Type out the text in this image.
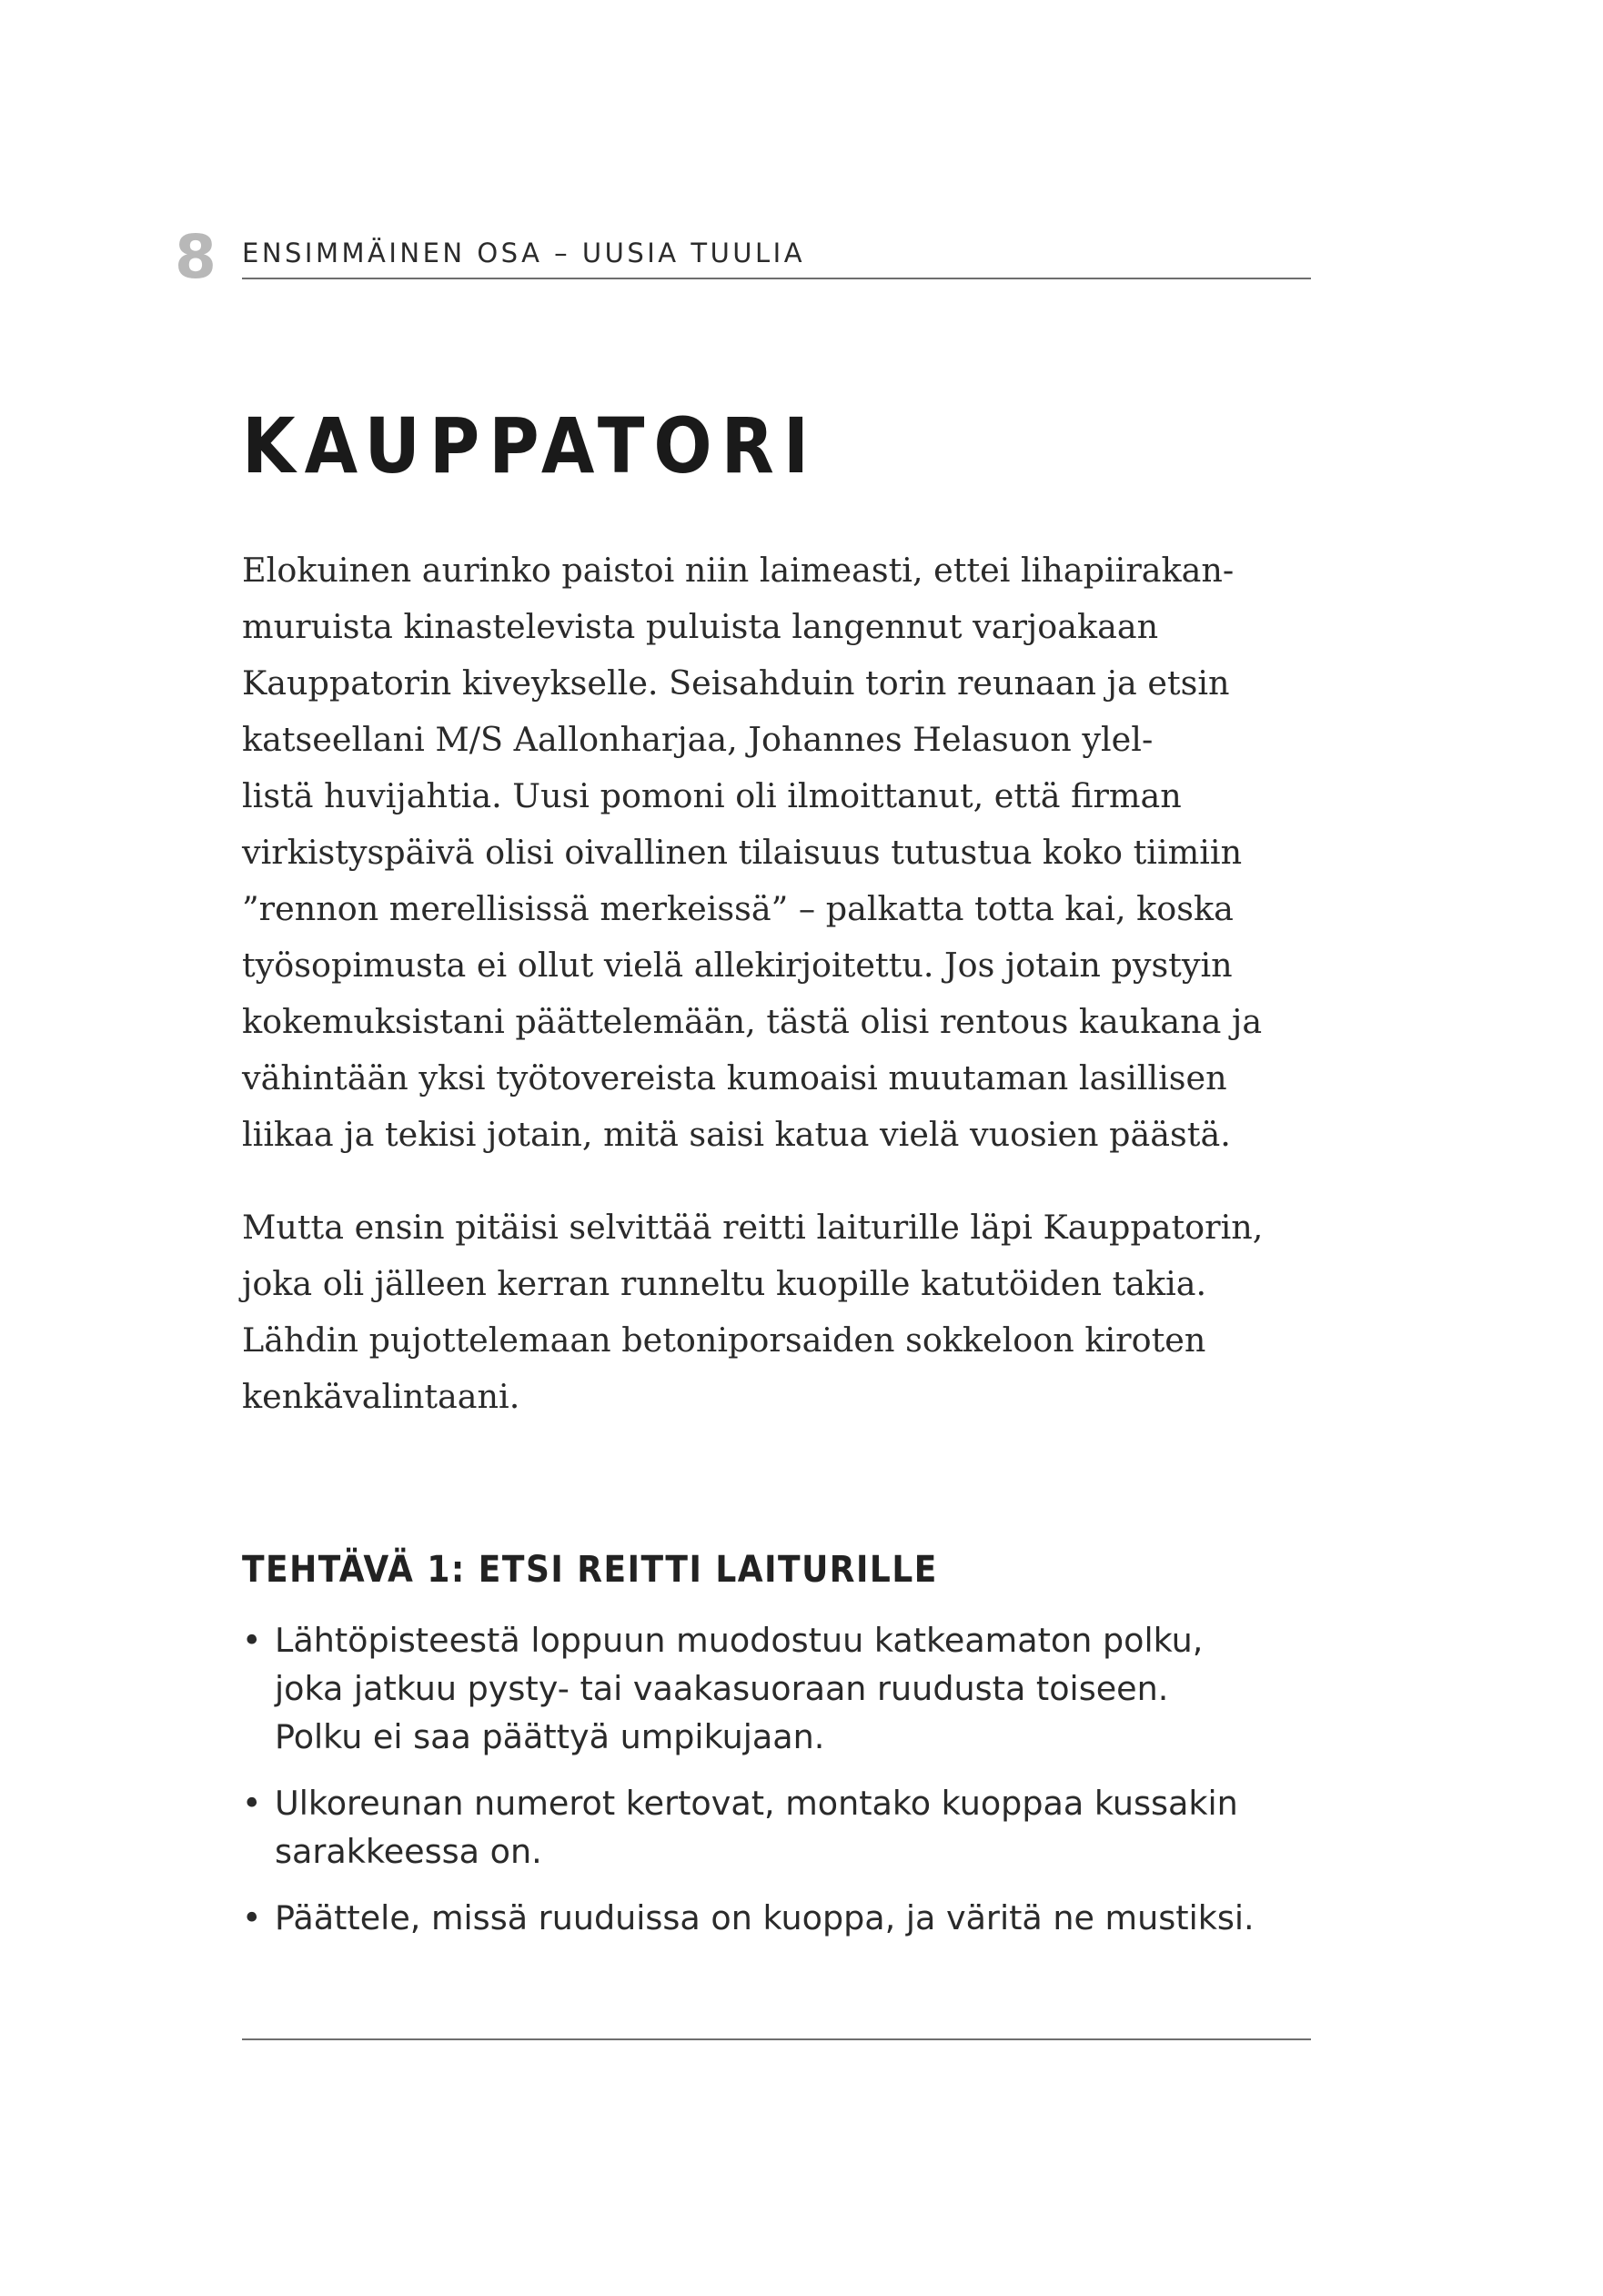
8 ENSIMMÄINEN OSA – UUSIA TUULIA
KAUPPATORI

Elokuinen aurinko paistoi niin laimeasti, ettei lihapiirakan-
muruista kinastelevista puluista langennut varjoakaan
Kauppatorin kiveykselle. Seisahduin torin reunaan ja etsin
katseellani M/S Aallonharjaa, Johannes Helasuon ylel-
listä huvijahtia. Uusi pomoni oli ilmoittanut, että firman
virkistyspäivä olisi oivallinen tilaisuus tutustua koko tiimiin
”rennon merellisissä merkeissä” – palkatta totta kai, koska
työsopimusta ei ollut vielä allekirjoitettu. Jos jotain pystyin
kokemuksistani päättelemään, tästä olisi rentous kaukana ja
vähintään yksi työtovereista kumoaisi muutaman lasillisen
liikaa ja tekisi jotain, mitä saisi katua vielä vuosien päästä.

Mutta ensin pitäisi selvittää reitti laiturille läpi Kauppatorin,
joka oli jälleen kerran runneltu kuopille katutöiden takia.
Lähdin pujottelemaan betoniporsaiden sokkeloon kiroten
kenkävalintaani.

TEHTÄVÄ 1: ETSI REITTI LAITURILLE
• Lähtöpisteestä loppuun muodostuu katkeamaton polku,
joka jatkuu pysty- tai vaakasuoraan ruudusta toiseen.
Polku ei saa päättyä umpikujaan.
• Ulkoreunan numerot kertovat, montako kuoppaa kussakin
sarakkeessa on.
• Päättele, missä ruuduissa on kuoppa, ja väritä ne mustiksi.
